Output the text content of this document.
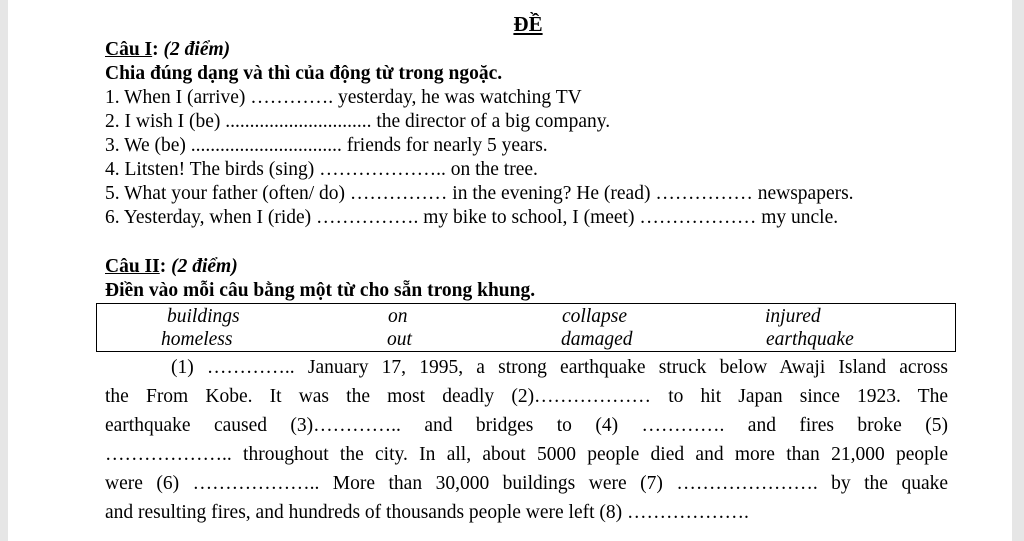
ĐỀ
Câu I: (2 điểm)
Chia đúng dạng và thì của động từ trong ngoặc.
1. When I (arrive) …………. yesterday, he was watching TV
2. I wish I (be) .............................. the director of a big company.
3. We (be) ............................... friends for nearly 5 years.
4. Litsten! The birds (sing) ……………….. on the tree.
5. What your father (often/ do) …………… in the evening? He (read) …………… newspapers.
6. Yesterday, when I (ride) ……………. my bike to school, I (meet) ……………… my uncle.
Câu II: (2 điểm)
Điền vào mỗi câu bằng một từ cho sẵn trong khung.
buildings	on	collapse	injured
homeless	out	damaged	earthquake
(1) ………….. January 17, 1995, a strong earthquake struck below Awaji Island across
the From Kobe. It was the most deadly (2)……………… to hit Japan since 1923. The
earthquake caused (3)………….. and bridges to (4) …………. and fires broke (5)
……………….. throughout the city. In all, about 5000 people died and more than 21,000 people
were (6) ……………….. More than 30,000 buildings were (7) …………………. by the quake
and resulting fires, and hundreds of thousands people were left (8) ……………….
